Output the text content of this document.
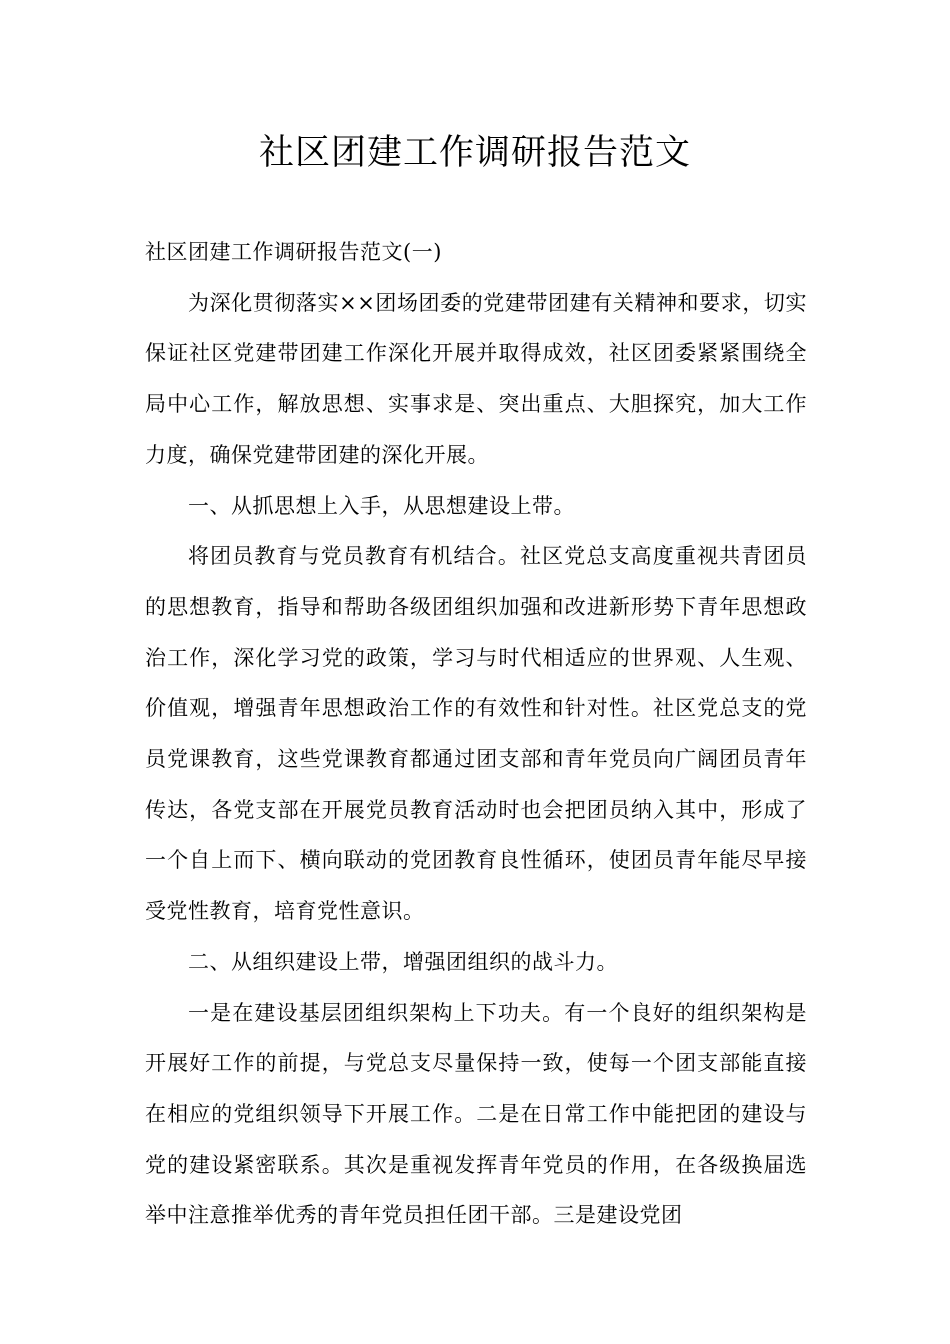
社区团建工作调研报告范文

社区团建工作调研报告范文(一)

为深化贯彻落实××团场团委的党建带团建有关精神和要求，切实保证社区党建带团建工作深化开展并取得成效，社区团委紧紧围绕全局中心工作，解放思想、实事求是、突出重点、大胆探究，加大工作力度，确保党建带团建的深化开展。

一、从抓思想上入手，从思想建设上带。

将团员教育与党员教育有机结合。社区党总支高度重视共青团员的思想教育，指导和帮助各级团组织加强和改进新形势下青年思想政治工作，深化学习党的政策，学习与时代相适应的世界观、人生观、价值观，增强青年思想政治工作的有效性和针对性。社区党总支的党员党课教育，这些党课教育都通过团支部和青年党员向广阔团员青年传达，各党支部在开展党员教育活动时也会把团员纳入其中，形成了一个自上而下、横向联动的党团教育良性循环，使团员青年能尽早接受党性教育，培育党性意识。

二、从组织建设上带，增强团组织的战斗力。

一是在建设基层团组织架构上下功夫。有一个良好的组织架构是开展好工作的前提，与党总支尽量保持一致，使每一个团支部能直接在相应的党组织领导下开展工作。二是在日常工作中能把团的建设与党的建设紧密联系。其次是重视发挥青年党员的作用，在各级换届选举中注意推举优秀的青年党员担任团干部。三是建设党团
